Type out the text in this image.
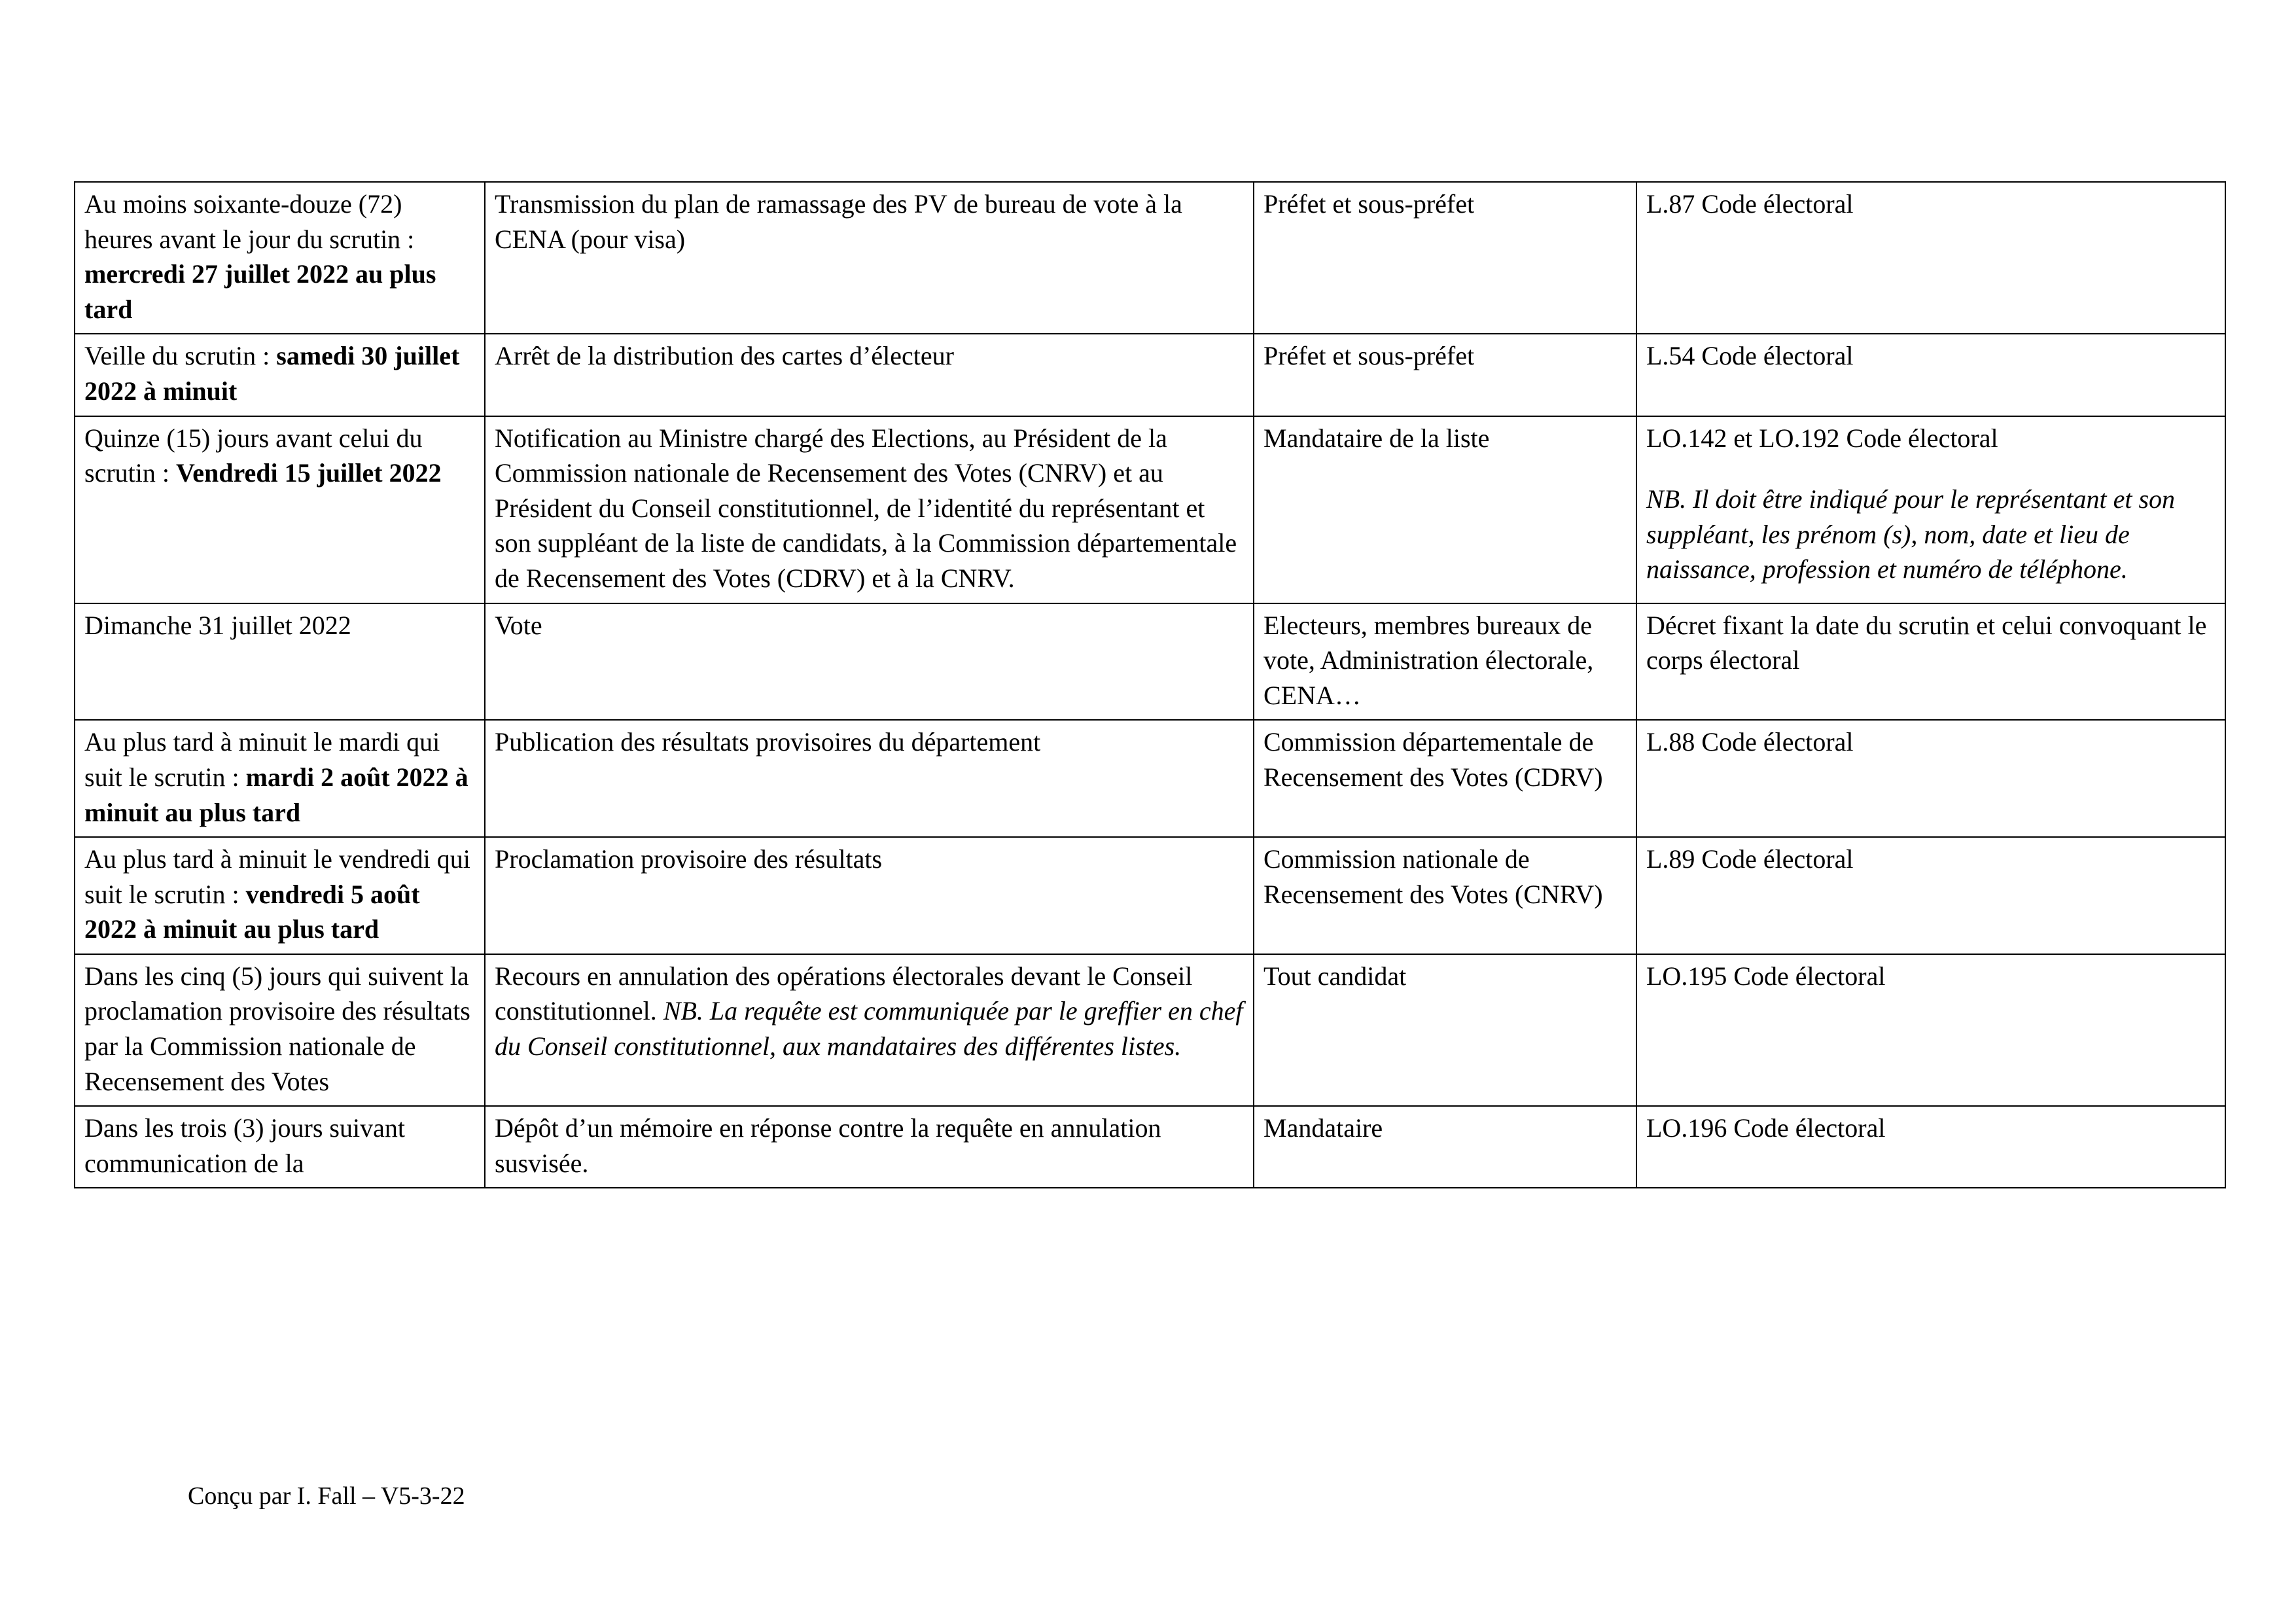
Au moins soixante-douze (72) heures avant le jour du scrutin : mercredi 27 juillet 2022 au plus tard	Transmission du plan de ramassage des PV de bureau de vote à la CENA (pour visa)	Préfet et sous-préfet	L.87 Code électoral
Veille du scrutin : samedi 30 juillet 2022 à minuit	Arrêt de la distribution des cartes d’électeur	Préfet et sous-préfet	L.54 Code électoral
Quinze (15) jours avant celui du  scrutin : Vendredi 15 juillet 2022	Notification au Ministre chargé des Elections, au Président de la Commission nationale de Recensement des Votes (CNRV) et au Président du Conseil constitutionnel, de l’identité du représentant et son suppléant de la liste de candidats, à la Commission départementale de Recensement des Votes (CDRV) et à la CNRV.	Mandataire de la liste	LO.142 et LO.192 Code électoral
NB. Il doit être indiqué pour le représentant et son suppléant, les prénom (s), nom, date et lieu de naissance, profession et numéro de téléphone.
Dimanche 31 juillet 2022	Vote	Electeurs, membres bureaux de vote, Administration électorale, CENA…	Décret fixant la date du scrutin et celui convoquant le corps électoral
Au plus tard à minuit le mardi qui suit le scrutin : mardi 2 août 2022 à minuit au plus tard	Publication des résultats provisoires du département	Commission départementale de Recensement des Votes (CDRV)	L.88 Code électoral
Au plus tard à minuit le vendredi qui suit le scrutin : vendredi 5 août 2022 à minuit au plus tard	Proclamation provisoire des résultats	Commission nationale de Recensement des Votes (CNRV)	L.89 Code électoral
Dans les cinq (5) jours qui suivent la proclamation provisoire des résultats par la Commission nationale de Recensement des Votes	Recours en annulation des opérations électorales devant le Conseil constitutionnel. NB. La requête est communiquée par le greffier en chef du Conseil constitutionnel, aux mandataires des différentes listes.	Tout candidat	LO.195 Code électoral
Dans les trois (3) jours suivant communication de la	Dépôt d’un mémoire en réponse contre la requête en annulation susvisée.	Mandataire	LO.196 Code électoral
Conçu par I. Fall – V5-3-22
